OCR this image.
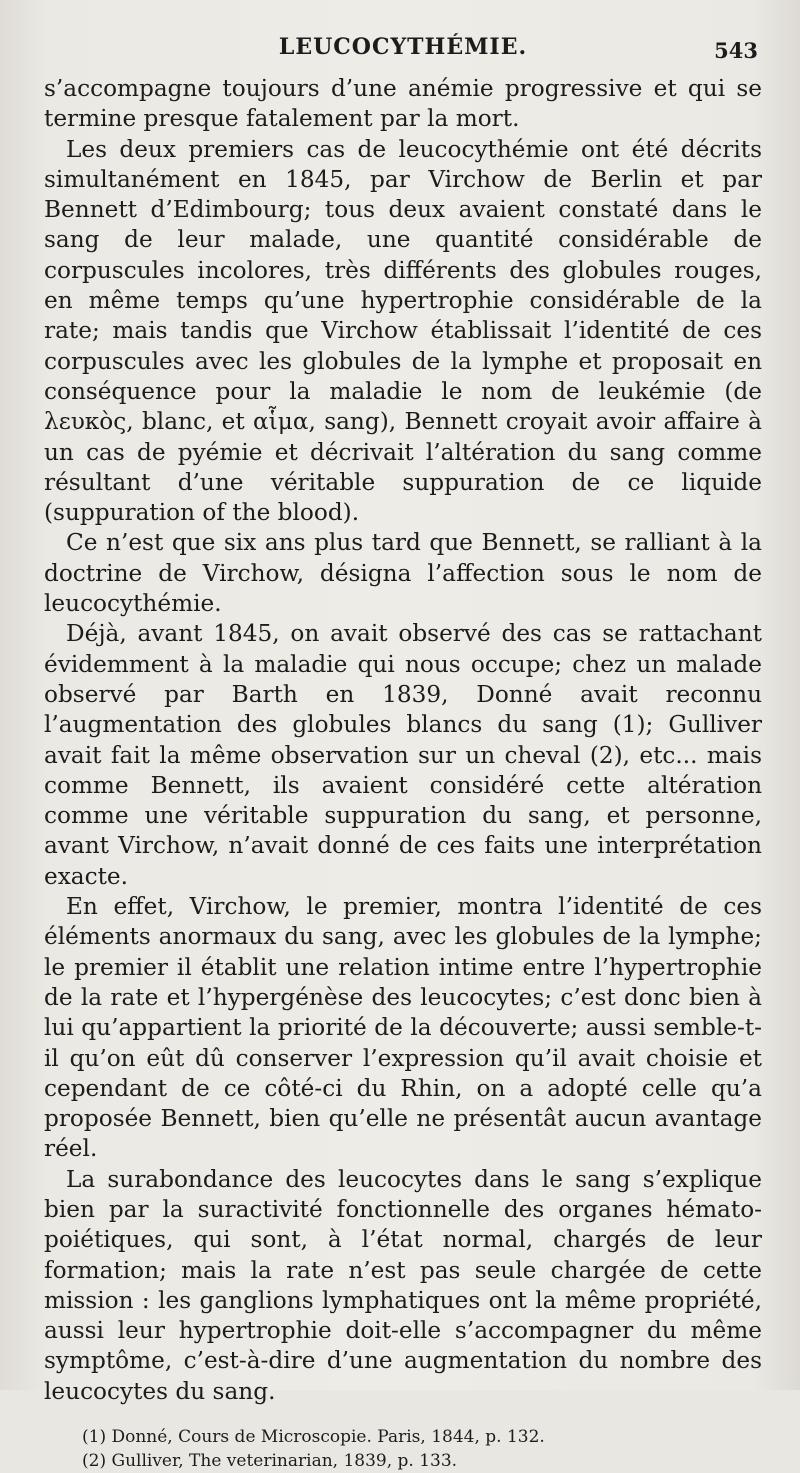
LEUCOCYTHÉMIE.	543

s’accompagne toujours d’une anémie progressive et qui se termine presque fatalement par la mort.

Les deux premiers cas de leucocythémie ont été décrits simultanément en 1845, par Virchow de Berlin et par Bennett d’Edimbourg; tous deux avaient constaté dans le sang de leur malade, une quantité considérable de corpuscules incolores, très différents des globules rouges, en même temps qu’une hypertrophie considérable de la rate; mais tandis que Virchow établissait l’identité de ces corpuscules avec les globules de la lymphe et proposait en conséquence pour la maladie le nom de leukémie (de λευκὸς, blanc, et αἷμα, sang), Bennett croyait avoir affaire à un cas de pyémie et décrivait l’altération du sang comme résultant d’une véritable suppuration de ce liquide (suppuration of the blood).

Ce n’est que six ans plus tard que Bennett, se ralliant à la doctrine de Virchow, désigna l’affection sous le nom de leucocythémie.

Déjà, avant 1845, on avait observé des cas se rattachant évidemment à la maladie qui nous occupe; chez un malade observé par Barth en 1839, Donné avait reconnu l’augmentation des globules blancs du sang (1); Gulliver avait fait la même observation sur un cheval (2), etc... mais comme Bennett, ils avaient considéré cette altération comme une véritable suppuration du sang, et personne, avant Virchow, n’avait donné de ces faits une interprétation exacte.

En effet, Virchow, le premier, montra l’identité de ces éléments anormaux du sang, avec les globules de la lymphe; le premier il établit une relation intime entre l’hypertrophie de la rate et l’hypergénèse des leucocytes; c’est donc bien à lui qu’appartient la priorité de la découverte; aussi semble-t-il qu’on eût dû conserver l’expression qu’il avait choisie et cependant de ce côté-ci du Rhin, on a adopté celle qu’a proposée Bennett, bien qu’elle ne présentât aucun avantage réel.

La surabondance des leucocytes dans le sang s’explique bien par la suractivité fonctionnelle des organes hémato-poiétiques, qui sont, à l’état normal, chargés de leur formation; mais la rate n’est pas seule chargée de cette mission : les ganglions lymphatiques ont la même propriété, aussi leur hypertrophie doit-elle s’accompagner du même symptôme, c’est-à-dire d’une augmentation du nombre des leucocytes du sang.

(1) Donné, Cours de Microscopie. Paris, 1844, p. 132.

(2) Gulliver, The veterinarian, 1839, p. 133.
